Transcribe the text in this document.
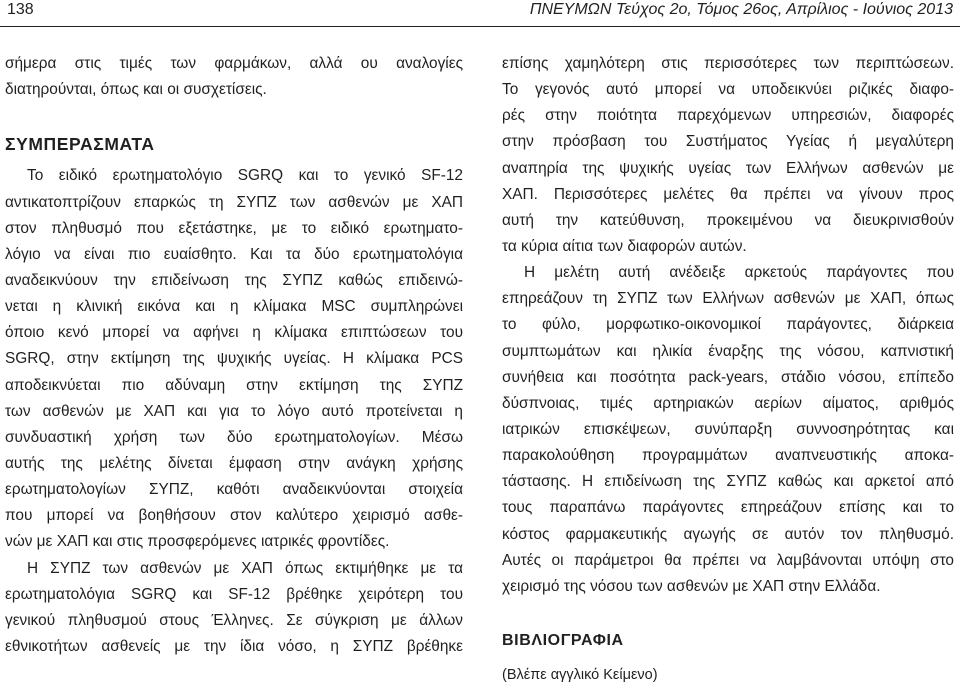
138	ΠΝΕΥΜΩΝ Τεύχος 2ο, Τόμος 26ος, Απρίλιος - Ιούνιος 2013
σήμερα στις τιμές των φαρμάκων, αλλά ου αναλογίες
διατηρούνται, όπως και οι συσχετίσεις.
ΣΥΜΠΕΡΑΣΜΑΤΑ
Το ειδικό ερωτηματολόγιο SGRQ και το γενικό SF-12
αντικατοπτρίζουν επαρκώς τη ΣΥΠΖ των ασθενών με ΧΑΠ
στον πληθυσμό που εξετάστηκε, με το ειδικό ερωτηματο-
λόγιο να είναι πιο ευαίσθητο. Και τα δύο ερωτηματολόγια
αναδεικνύουν την επιδείνωση της ΣΥΠΖ καθώς επιδεινώ-
νεται η κλινική εικόνα και η κλίμακα MSC συμπληρώνει
όποιο κενό μπορεί να αφήνει η κλίμακα επιπτώσεων του
SGRQ, στην εκτίμηση της ψυχικής υγείας. Η κλίμακα PCS
αποδεικνύεται πιο αδύναμη στην εκτίμηση της ΣΥΠΖ
των ασθενών με ΧΑΠ και για το λόγο αυτό προτείνεται η
συνδυαστική χρήση των δύο ερωτηματολογίων. Μέσω
αυτής της μελέτης δίνεται έμφαση στην ανάγκη χρήσης
ερωτηματολογίων ΣΥΠΖ, καθότι αναδεικνύονται στοιχεία
που μπορεί να βοηθήσουν στον καλύτερο χειρισμό ασθε-
νών με ΧΑΠ και στις προσφερόμενες ιατρικές φροντίδες.
Η ΣΥΠΖ των ασθενών με ΧΑΠ όπως εκτιμήθηκε με τα
ερωτηματολόγια SGRQ και SF-12 βρέθηκε χειρότερη του
γενικού πληθυσμού στους Έλληνες. Σε σύγκριση με άλλων
εθνικοτήτων ασθενείς με την ίδια νόσο, η ΣΥΠΖ βρέθηκε
επίσης χαμηλότερη στις περισσότερες των περιπτώσεων.
Το γεγονός αυτό μπορεί να υποδεικνύει ριζικές διαφο-
ρές στην ποιότητα παρεχόμενων υπηρεσιών, διαφορές
στην πρόσβαση του Συστήματος Υγείας ή μεγαλύτερη
αναπηρία της ψυχικής υγείας των Ελλήνων ασθενών με
ΧΑΠ. Περισσότερες μελέτες θα πρέπει να γίνουν προς
αυτή την κατεύθυνση, προκειμένου να διευκρινισθούν
τα κύρια αίτια των διαφορών αυτών.
Η μελέτη αυτή ανέδειξε αρκετούς παράγοντες που
επηρεάζουν τη ΣΥΠΖ των Ελλήνων ασθενών με ΧΑΠ, όπως
το φύλο, μορφωτικο-οικονομικοί παράγοντες, διάρκεια
συμπτωμάτων και ηλικία έναρξης της νόσου, καπνιστική
συνήθεια και ποσότητα pack-years, στάδιο νόσου, επίπεδο
δύσπνοιας, τιμές αρτηριακών αερίων αίματος, αριθμός
ιατρικών επισκέψεων, συνύπαρξη συννοσηρότητας και
παρακολούθηση προγραμμάτων αναπνευστικής αποκα-
τάστασης. Η επιδείνωση της ΣΥΠΖ καθώς και αρκετοί από
τους παραπάνω παράγοντες επηρεάζουν επίσης και το
κόστος φαρμακευτικής αγωγής σε αυτόν τον πληθυσμό.
Αυτές οι παράμετροι θα πρέπει να λαμβάνονται υπόψη στο
χειρισμό της νόσου των ασθενών με ΧΑΠ στην Ελλάδα.
ΒΙΒΛΙΟΓΡΑΦΙΑ
(Βλέπε αγγλικό Κείμενο)
